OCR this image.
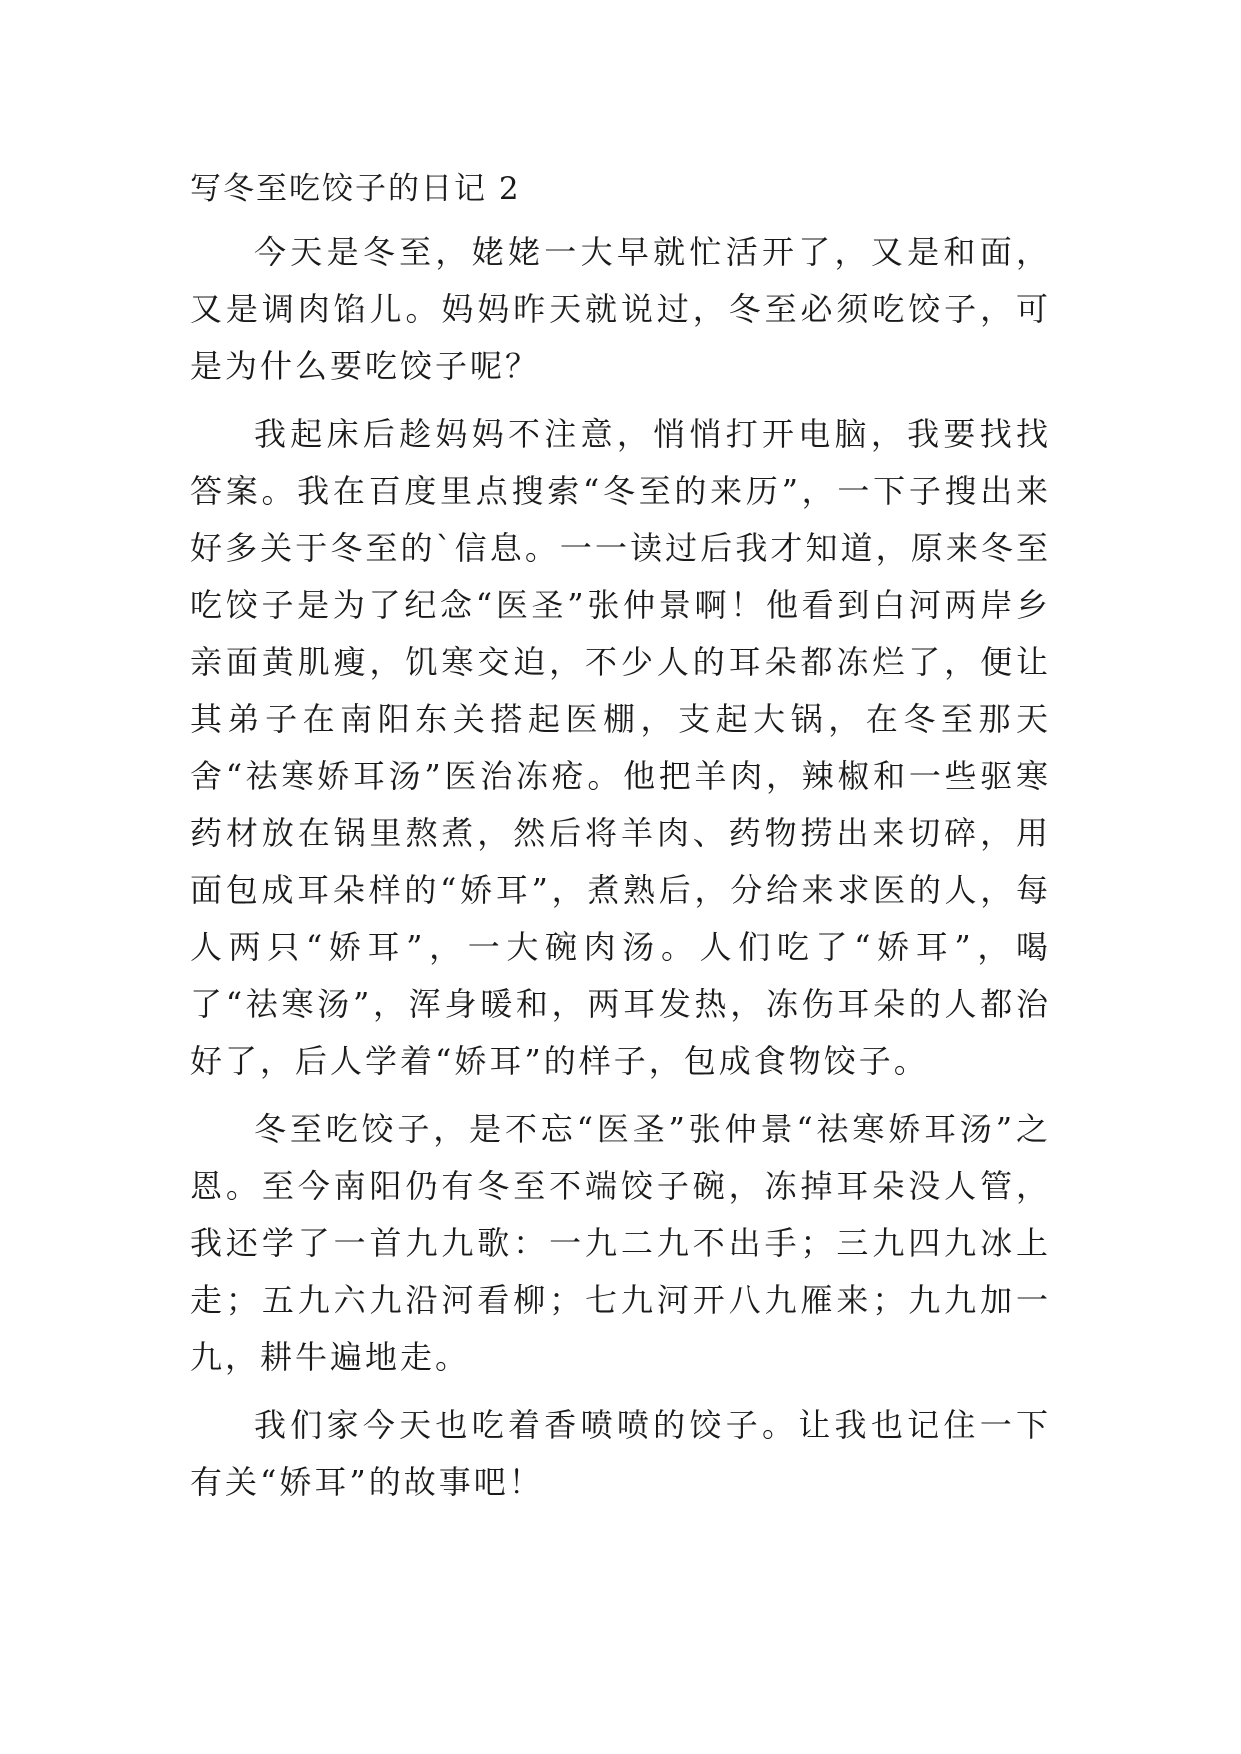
写冬至吃饺子的日记 2

今天是冬至，姥姥一大早就忙活开了，又是和面，又是调肉馅儿。妈妈昨天就说过，冬至必须吃饺子，可是为什么要吃饺子呢？

我起床后趁妈妈不注意，悄悄打开电脑，我要找找答案。我在百度里点搜索“冬至的来历”，一下子搜出来好多关于冬至的`信息。一一读过后我才知道，原来冬至吃饺子是为了纪念“医圣”张仲景啊！他看到白河两岸乡亲面黄肌瘦，饥寒交迫，不少人的耳朵都冻烂了，便让其弟子在南阳东关搭起医棚，支起大锅，在冬至那天舍“祛寒娇耳汤”医治冻疮。他把羊肉，辣椒和一些驱寒药材放在锅里熬煮，然后将羊肉、药物捞出来切碎，用面包成耳朵样的“娇耳”，煮熟后，分给来求医的人，每人两只“娇耳”，一大碗肉汤。人们吃了“娇耳”，喝了“祛寒汤”，浑身暖和，两耳发热，冻伤耳朵的人都治好了，后人学着“娇耳”的样子，包成食物饺子。

冬至吃饺子，是不忘“医圣”张仲景“祛寒娇耳汤”之恩。至今南阳仍有冬至不端饺子碗，冻掉耳朵没人管，我还学了一首九九歌：一九二九不出手；三九四九冰上走；五九六九沿河看柳；七九河开八九雁来；九九加一九，耕牛遍地走。

我们家今天也吃着香喷喷的饺子。让我也记住一下有关“娇耳”的故事吧！
